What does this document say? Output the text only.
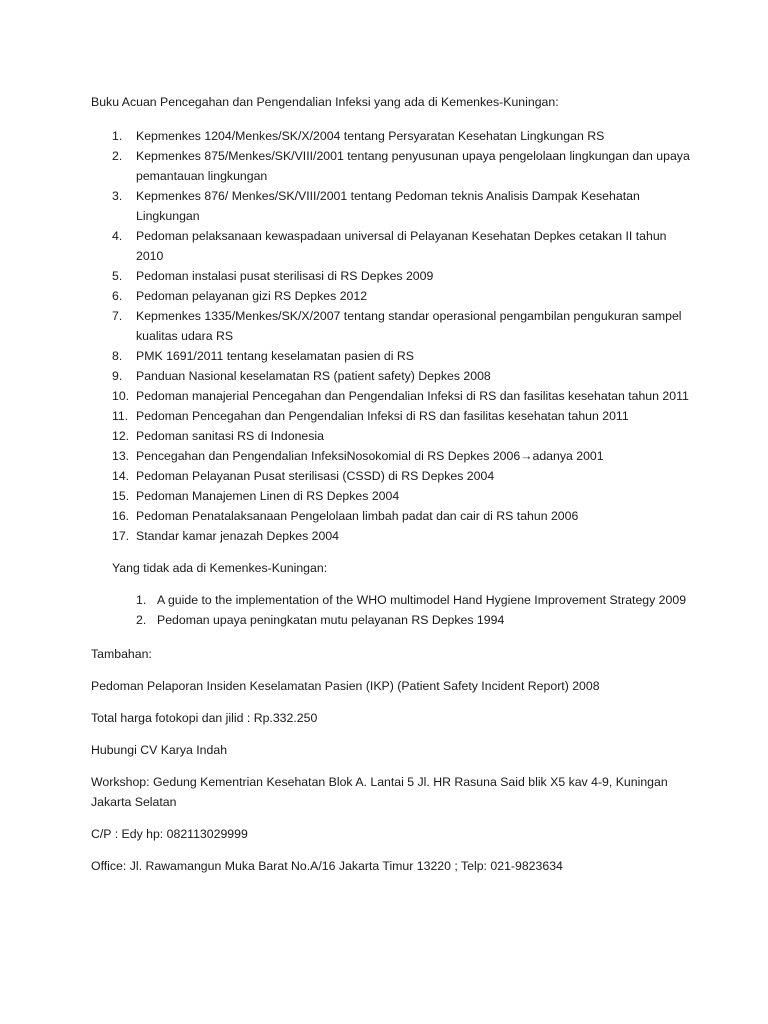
Buku Acuan Pencegahan dan Pengendalian Infeksi yang ada di Kemenkes-Kuningan:

1. Kepmenkes 1204/Menkes/SK/X/2004 tentang Persyaratan Kesehatan Lingkungan RS
2. Kepmenkes 875/Menkes/SK/VIII/2001 tentang penyusunan upaya pengelolaan lingkungan dan upaya pemantauan lingkungan
3. Kepmenkes 876/ Menkes/SK/VIII/2001 tentang Pedoman teknis Analisis Dampak Kesehatan Lingkungan
4. Pedoman pelaksanaan kewaspadaan universal di Pelayanan Kesehatan Depkes cetakan II tahun 2010
5. Pedoman instalasi pusat sterilisasi di RS Depkes 2009
6. Pedoman pelayanan gizi RS Depkes 2012
7. Kepmenkes 1335/Menkes/SK/X/2007 tentang standar operasional pengambilan pengukuran sampel kualitas udara RS
8. PMK 1691/2011 tentang keselamatan pasien di RS
9. Panduan Nasional keselamatan RS (patient safety) Depkes 2008
10. Pedoman manajerial Pencegahan dan Pengendalian Infeksi di RS dan fasilitas kesehatan tahun 2011
11. Pedoman Pencegahan dan Pengendalian Infeksi di RS dan fasilitas kesehatan tahun 2011
12. Pedoman sanitasi RS di Indonesia
13. Pencegahan dan Pengendalian InfeksiNosokomial di RS Depkes 2006→adanya 2001
14. Pedoman Pelayanan Pusat sterilisasi (CSSD) di RS Depkes 2004
15. Pedoman Manajemen Linen di RS Depkes 2004
16. Pedoman Penatalaksanaan Pengelolaan limbah padat dan cair di RS tahun 2006
17. Standar kamar jenazah Depkes 2004

Yang tidak ada di Kemenkes-Kuningan:

1. A guide to the implementation of the WHO multimodel Hand Hygiene Improvement Strategy 2009
2. Pedoman upaya peningkatan mutu pelayanan RS Depkes 1994

Tambahan:

Pedoman Pelaporan Insiden Keselamatan Pasien (IKP) (Patient Safety Incident Report) 2008

Total harga fotokopi dan jilid : Rp.332.250

Hubungi CV Karya Indah

Workshop: Gedung Kementrian Kesehatan Blok A. Lantai 5 Jl. HR Rasuna Said blik X5 kav 4-9, Kuningan Jakarta Selatan

C/P : Edy hp: 082113029999

Office: Jl. Rawamangun Muka Barat No.A/16 Jakarta Timur 13220 ; Telp: 021-9823634
